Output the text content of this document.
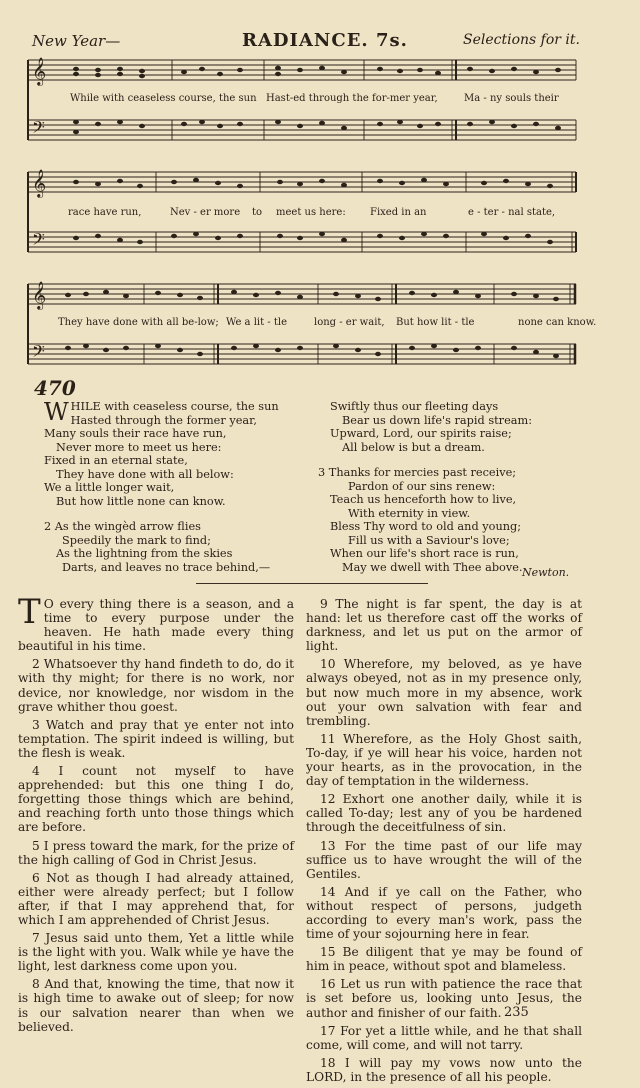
New Year—	RADIANCE. 7s.	Selections for it.
𝄞
𝄢
While with ceaseless course, the sun Hast-ed through the for-mer year,	Ma - ny souls their
𝄞
𝄢
race have run,	Nev - er more to meet us here: Fixed in an	e - ter - nal state,
𝄞
𝄢
They have done with all be-low; We a lit - tle	long - er wait, But how lit - tle	none can know.
470
WHILE with ceaseless course, the sun
Hasted through the former year,
Many souls their race have run,
Never more to meet us here:
Fixed in an eternal state,
They have done with all below:
We a little longer wait,
But how little none can know.
2 As the wingèd arrow flies
Speedily the mark to find;
As the lightning from the skies
Darts, and leaves no trace behind,—
Swiftly thus our fleeting days
Bear us down life's rapid stream:
Upward, Lord, our spirits raise;
All below is but a dream.
3 Thanks for mercies past receive;
Pardon of our sins renew:
Teach us henceforth how to live,
With eternity in view.
Bless Thy word to old and young;
Fill us with a Saviour's love;
When our life's short race is run,
May we dwell with Thee above. Newton.

T O every thing there is a season, and a time to every purpose under the heaven. He hath made every thing beautiful in his time.

2 Whatsoever thy hand findeth to do, do it with thy might; for there is no work, nor device, nor knowledge, nor wisdom in the grave whither thou goest.

3 Watch and pray that ye enter not into temptation. The spirit indeed is willing, but the flesh is weak.

4 I count not myself to have apprehended: but this one thing I do, forgetting those things which are behind, and reaching forth unto those things which are before.

5 I press toward the mark, for the prize of the high calling of God in Christ Jesus.

6 Not as though I had already attained, either were already perfect; but I follow after, if that I may apprehend that, for which I am apprehended of Christ Jesus.

7 Jesus said unto them, Yet a little while is the light with you. Walk while ye have the light, lest darkness come upon you.

8 And that, knowing the time, that now it is high time to awake out of sleep; for now is our salvation nearer than when we believed.

9 The night is far spent, the day is at hand: let us therefore cast off the works of darkness, and let us put on the armor of light.

10 Wherefore, my beloved, as ye have always obeyed, not as in my presence only, but now much more in my absence, work out your own salvation with fear and trembling.

11 Wherefore, as the Holy Ghost saith, To-day, if ye will hear his voice, harden not your hearts, as in the provocation, in the day of temptation in the wilderness.

12 Exhort one another daily, while it is called To-day; lest any of you be hardened through the deceitfulness of sin.

13 For the time past of our life may suffice us to have wrought the will of the Gentiles.

14 And if ye call on the Father, who without respect of persons, judgeth according to every man's work, pass the time of your sojourning here in fear.

15 Be diligent that ye may be found of him in peace, without spot and blameless.

16 Let us run with patience the race that is set before us, looking unto Jesus, the author and finisher of our faith.

17 For yet a little while, and he that shall come, will come, and will not tarry.

18 I will pay my vows now unto the LORD, in the presence of all his people.

235
